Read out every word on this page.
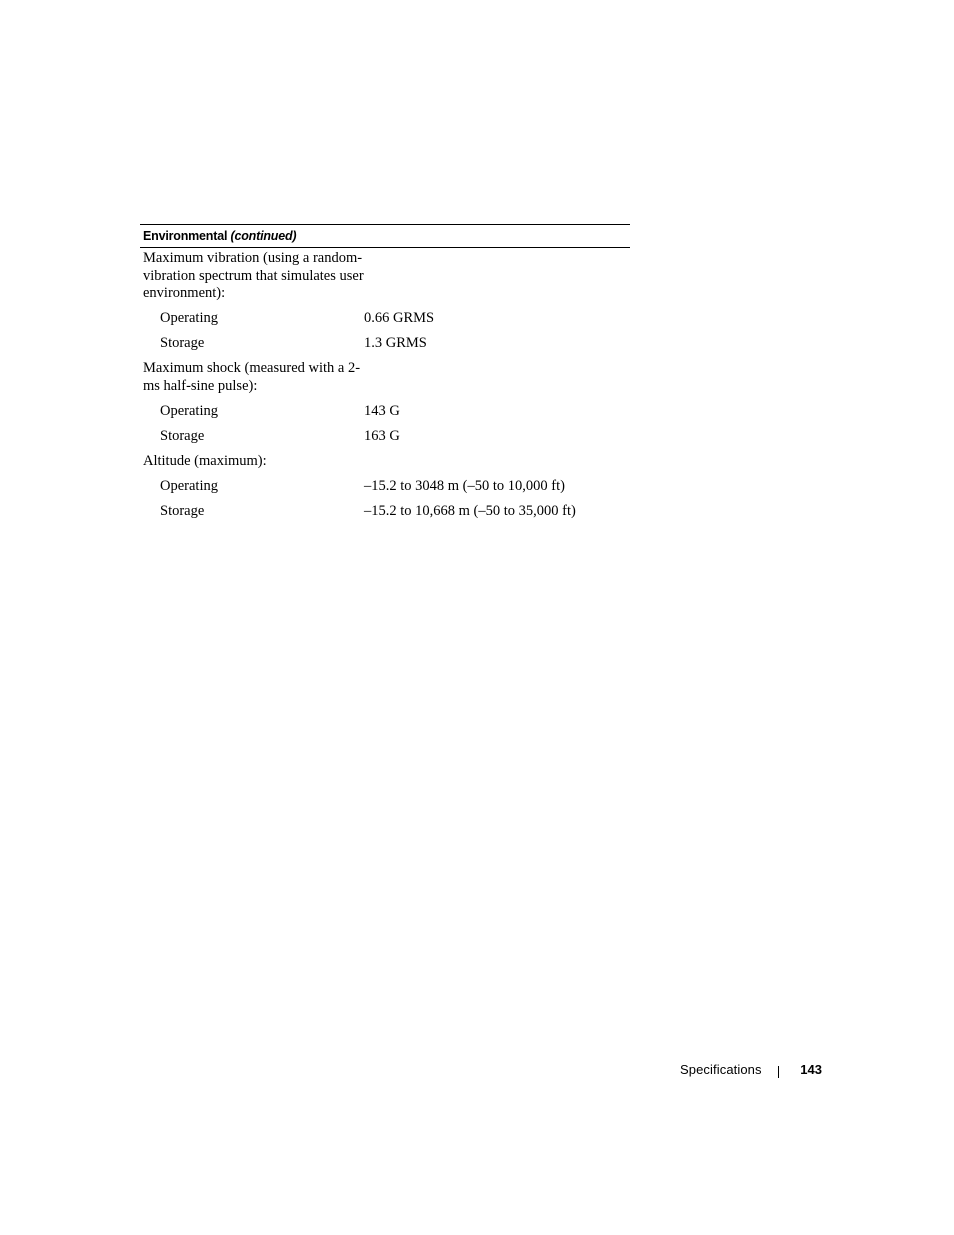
Environmental (continued)
Maximum vibration (using a random-vibration spectrum that simulates user environment):
Operating	0.66 GRMS
Storage	1.3 GRMS
Maximum shock (measured with a 2-ms half-sine pulse):
Operating	143 G
Storage	163 G
Altitude (maximum):
Operating	–15.2 to 3048 m (–50 to 10,000 ft)
Storage	–15.2 to 10,668 m (–50 to 35,000 ft)
Specifications	143
